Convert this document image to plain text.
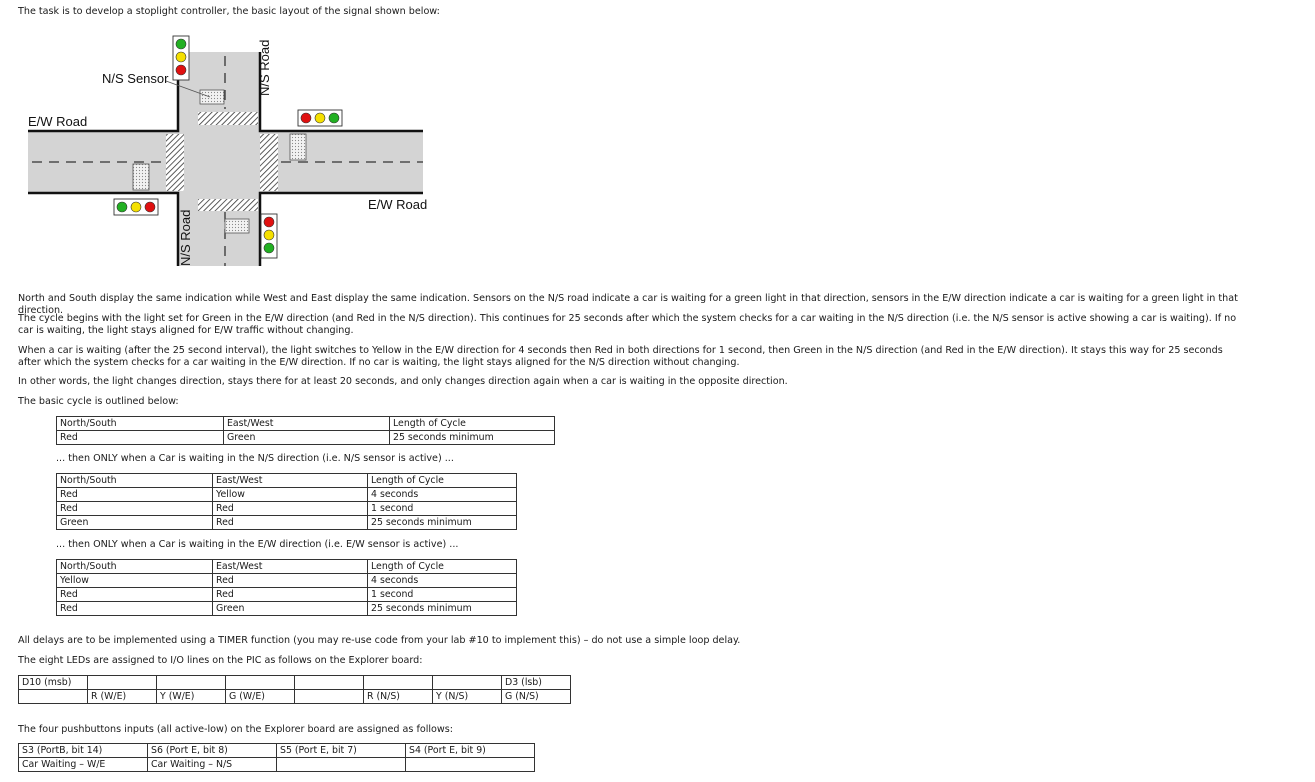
The task is to develop a stoplight controller, the basic layout of the signal shown below:
N/S Sensor
E/W Road
E/W Road
N/S Road
N/S Road
North and South display the same indication while West and East display the same indication. Sensors on the N/S road indicate a car is waiting for a green light in that direction, sensors in the E/W direction indicate a car is waiting for a green light in that direction.
The cycle begins with the light set for Green in the E/W direction (and Red in the N/S direction). This continues for 25 seconds after which the system checks for a car waiting in the N/S direction (i.e. the N/S sensor is active showing a car is waiting). If no car is waiting, the light stays aligned for E/W traffic without changing.
When a car is waiting (after the 25 second interval), the light switches to Yellow in the E/W direction for 4 seconds then Red in both directions for 1 second, then Green in the N/S direction (and Red in the E/W direction). It stays this way for 25 seconds after which the system checks for a car waiting in the E/W direction. If no car is waiting, the light stays aligned for the N/S direction without changing.
In other words, the light changes direction, stays there for at least 20 seconds, and only changes direction again when a car is waiting in the opposite direction.
The basic cycle is outlined below:
North/South	East/West	Length of Cycle
Red	Green	25 seconds minimum
... then ONLY when a Car is waiting in the N/S direction (i.e. N/S sensor is active) ...
North/South	East/West	Length of Cycle
Red	Yellow	4 seconds
Red	Red	1 second
Green	Red	25 seconds minimum
... then ONLY when a Car is waiting in the E/W direction (i.e. E/W sensor is active) ...
North/South	East/West	Length of Cycle
Yellow	Red	4 seconds
Red	Red	1 second
Red	Green	25 seconds minimum
All delays are to be implemented using a TIMER function (you may re-use code from your lab #10 to implement this) – do not use a simple loop delay.
The eight LEDs are assigned to I/O lines on the PIC as follows on the Explorer board:
D10 (msb)							D3 (lsb)
	R (W/E)	Y (W/E)	G (W/E)		R (N/S)	Y (N/S)	G (N/S)
The four pushbuttons inputs (all active-low) on the Explorer board are assigned as follows:
S3 (PortB, bit 14)	S6 (Port E, bit 8)	S5 (Port E, bit 7)	S4 (Port E, bit 9)
Car Waiting – W/E	Car Waiting – N/S		
